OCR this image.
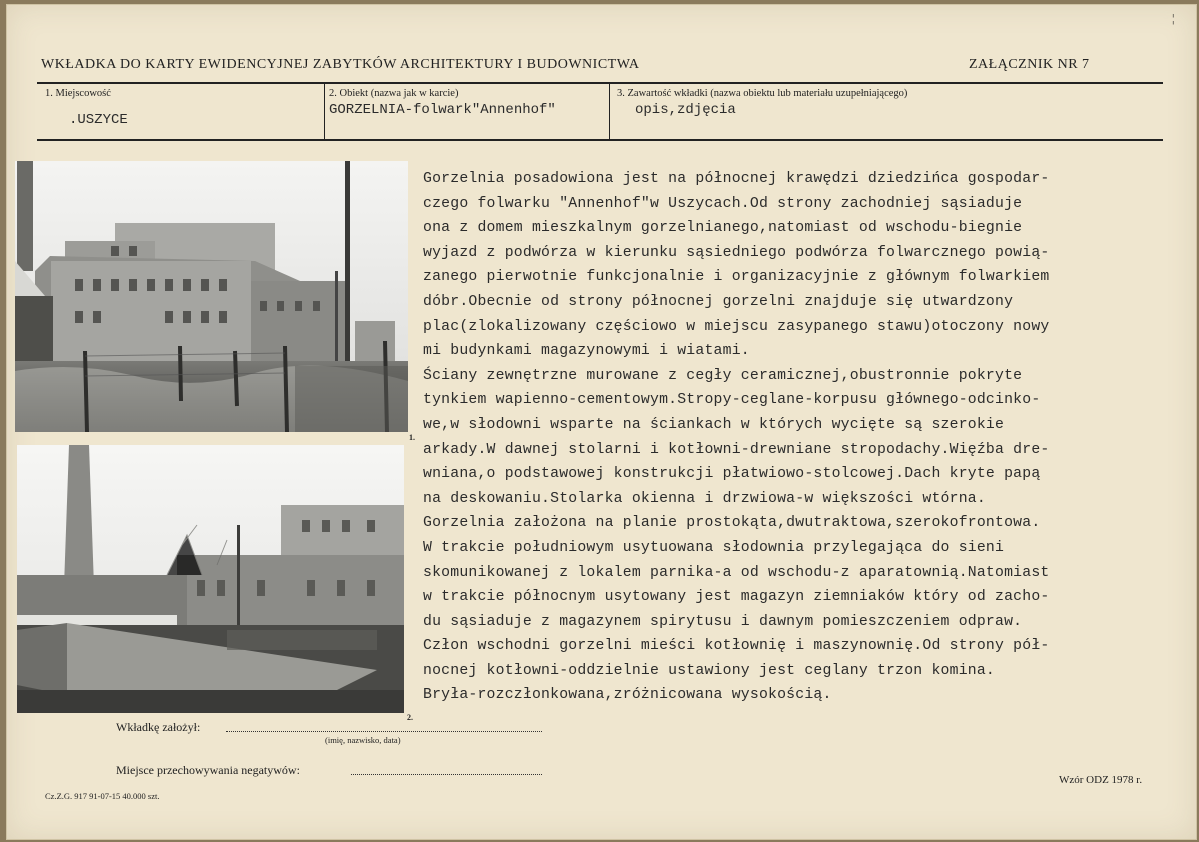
¦
WKŁADKA DO KARTY EWIDENCYJNEJ ZABYTKÓW ARCHITEKTURY I BUDOWNICTWA	ZAŁĄCZNIK NR 7
1. Miejscowość
.USZYCE
2. Obiekt (nazwa jak w karcie)
GORZELNIA-folwark"Annenhof"
3. Zawartość wkładki (nazwa obiektu lub materiału uzupełniającego)
opis,zdjęcia
1.
2.
Gorzelnia posadowiona jest na północnej krawędzi dziedzińca gospodar-
czego folwarku "Annenhof"w Uszycach.Od strony zachodniej sąsiaduje
ona z domem mieszkalnym gorzelnianego,natomiast od wschodu-biegnie
wyjazd z podwórza w kierunku sąsiedniego podwórza folwarcznego powią-
zanego pierwotnie funkcjonalnie i organizacyjnie z głównym folwarkiem
dóbr.Obecnie od strony północnej gorzelni znajduje się utwardzony
plac(zlokalizowany częściowo w miejscu zasypanego stawu)otoczony nowy
mi budynkami magazynowymi i wiatami.
Ściany zewnętrzne murowane z cegły ceramicznej,obustronnie pokryte
tynkiem wapienno-cementowym.Stropy-ceglane-korpusu głównego-odcinko-
we,w słodowni wsparte na ściankach w których wycięte są szerokie
arkady.W dawnej stolarni i kotłowni-drewniane stropodachy.Więźba dre-
wniana,o podstawowej konstrukcji płatwiowo-stolcowej.Dach kryte papą
na deskowaniu.Stolarka okienna i drzwiowa-w większości wtórna.
Gorzelnia założona na planie prostokąta,dwutraktowa,szerokofrontowa.
W trakcie południowym usytuowana słodownia przylegająca do sieni
skomunikowanej z lokalem parnika-a od wschodu-z aparatownią.Natomiast
w trakcie północnym usytowany jest magazyn ziemniaków który od zacho-
du sąsiaduje z magazynem spirytusu i dawnym pomieszczeniem odpraw.
Człon wschodni gorzelni mieści kotłownię i maszynownię.Od strony pół-
nocnej kotłowni-oddzielnie ustawiony jest ceglany trzon komina.
Bryła-rozczłonkowana,zróżnicowana wysokością.
Wkładkę założył:
(imię, nazwisko, data)
Miejsce przechowywania negatywów:
Wzór ODZ 1978 r.
Cz.Z.G. 917 91-07-15 40.000 szt.
